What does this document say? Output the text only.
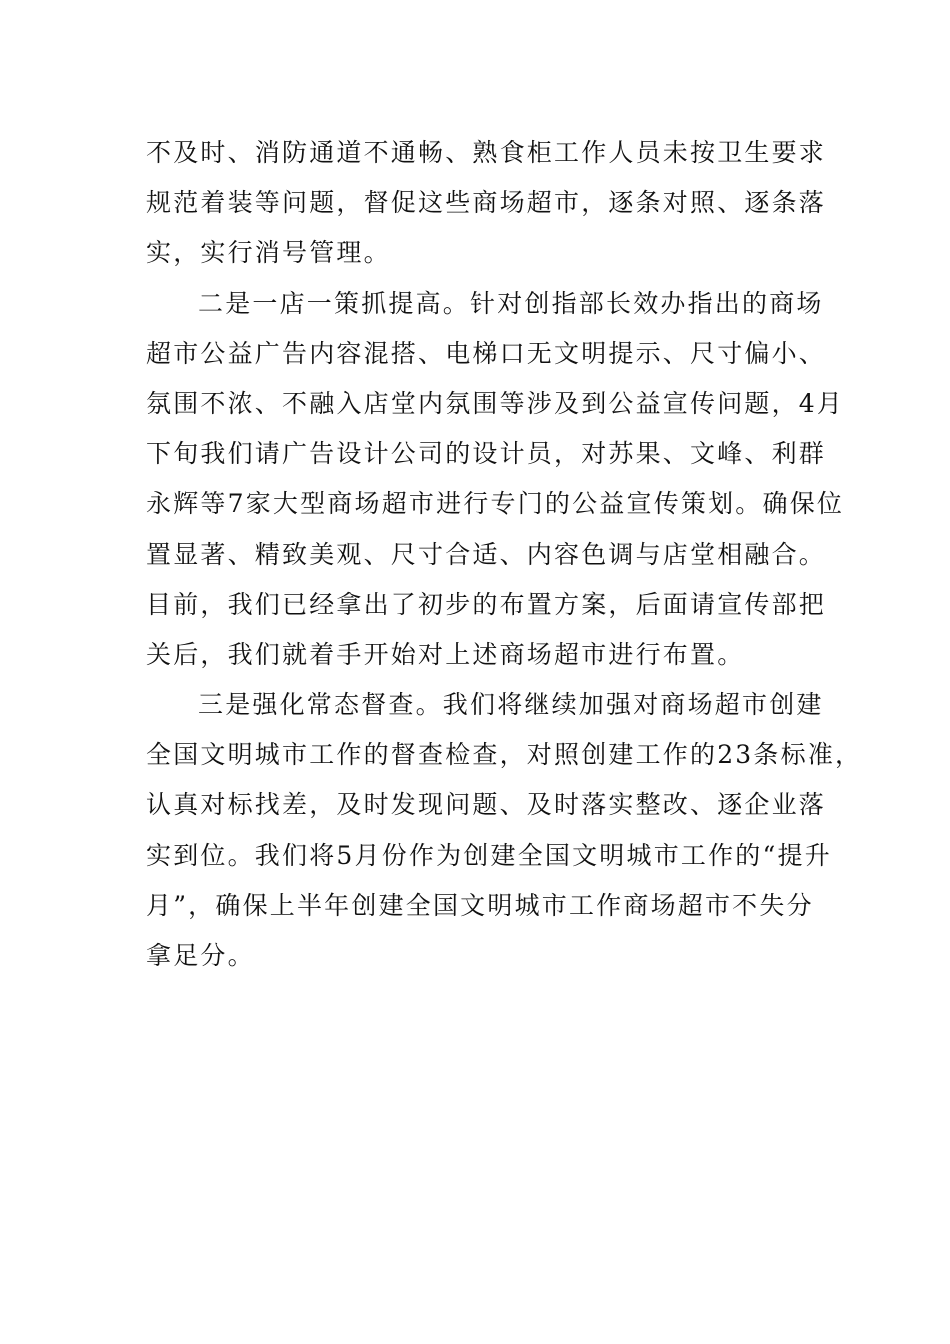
不及时、消防通道不通畅、熟食柜工作人员未按卫生要求
规范着装等问题，督促这些商场超市，逐条对照、逐条落
实，实行消号管理。
二是一店一策抓提高。针对创指部长效办指出的商场
超市公益广告内容混搭、电梯口无文明提示、尺寸偏小、
氛围不浓、不融入店堂内氛围等涉及到公益宣传问题，4月
下旬我们请广告设计公司的设计员，对苏果、文峰、利群
永辉等7家大型商场超市进行专门的公益宣传策划。确保位
置显著、精致美观、尺寸合适、内容色调与店堂相融合。
目前，我们已经拿出了初步的布置方案，后面请宣传部把
关后，我们就着手开始对上述商场超市进行布置。
三是强化常态督查。我们将继续加强对商场超市创建
全国文明城市工作的督查检查，对照创建工作的23条标准，
认真对标找差，及时发现问题、及时落实整改、逐企业落
实到位。我们将5月份作为创建全国文明城市工作的“提升
月”，确保上半年创建全国文明城市工作商场超市不失分
拿足分。
